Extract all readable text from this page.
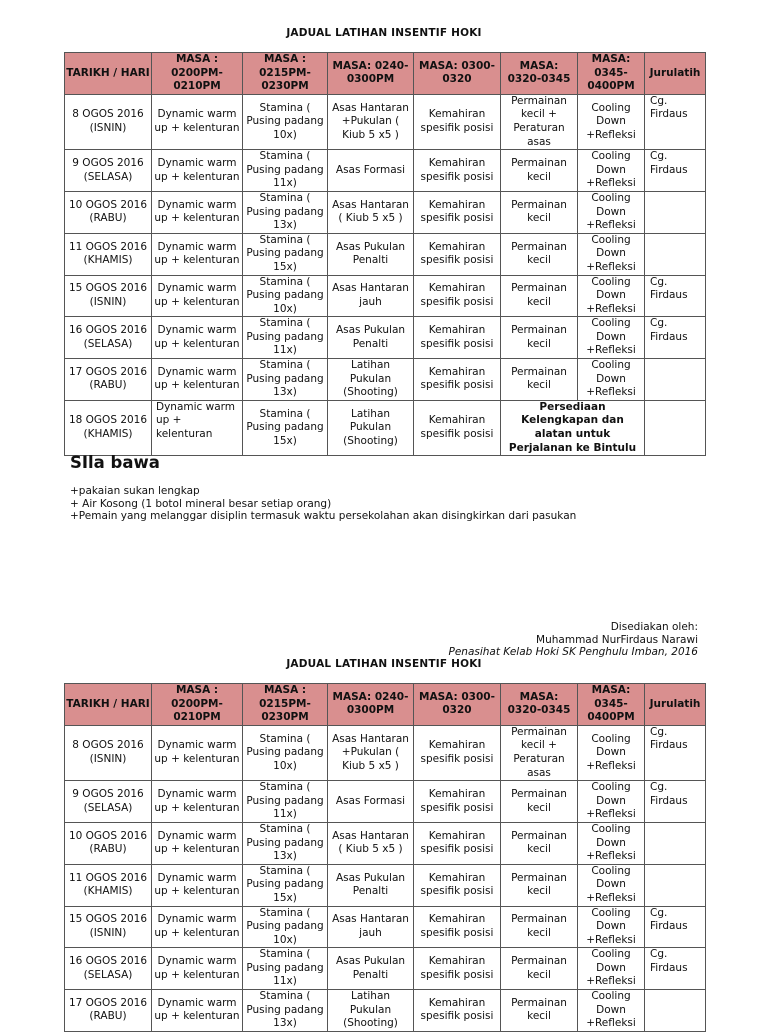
JADUAL LATIHAN INSENTIF HOKI
TARIKH / HARI	MASA : 0200PM-0210PM	MASA : 0215PM-0230PM	MASA: 0240-0300PM	MASA: 0300-0320	MASA: 0320-0345	MASA: 0345-0400PM	Jurulatih
8 OGOS 2016 (ISNIN)	Dynamic warm up + kelenturan	Stamina ( Pusing padang 10x)	Asas Hantaran +Pukulan ( Kiub 5 x5 )	Kemahiran spesifik posisi	Permainan kecil + Peraturan asas	Cooling Down +Refleksi	Cg. Firdaus
9 OGOS 2016 (SELASA)	Dynamic warm up + kelenturan	Stamina ( Pusing padang 11x)	Asas Formasi	Kemahiran spesifik posisi	Permainan kecil	Cooling Down +Refleksi	Cg. Firdaus
10 OGOS 2016 (RABU)	Dynamic warm up + kelenturan	Stamina ( Pusing padang 13x)	Asas Hantaran ( Kiub 5 x5 )	Kemahiran spesifik posisi	Permainan kecil	Cooling Down +Refleksi	
11 OGOS 2016 (KHAMIS)	Dynamic warm up + kelenturan	Stamina ( Pusing padang 15x)	Asas Pukulan Penalti	Kemahiran spesifik posisi	Permainan kecil	Cooling Down +Refleksi	
15 OGOS 2016 (ISNIN)	Dynamic warm up + kelenturan	Stamina ( Pusing padang 10x)	Asas Hantaran jauh	Kemahiran spesifik posisi	Permainan kecil	Cooling Down +Refleksi	Cg. Firdaus
16 OGOS 2016 (SELASA)	Dynamic warm up + kelenturan	Stamina ( Pusing padang 11x)	Asas Pukulan Penalti	Kemahiran spesifik posisi	Permainan kecil	Cooling Down +Refleksi	Cg. Firdaus
17 OGOS 2016 (RABU)	Dynamic warm up + kelenturan	Stamina ( Pusing padang 13x)	Latihan Pukulan (Shooting)	Kemahiran spesifik posisi	Permainan kecil	Cooling Down +Refleksi	
18 OGOS 2016 (KHAMIS)	Dynamic warm up + kelenturan	Stamina ( Pusing padang 15x)	Latihan Pukulan (Shooting)	Kemahiran spesifik posisi	Persediaan Kelengkapan dan alatan untuk Perjalanan ke Bintulu		
SIla bawa
+pakaian sukan lengkap
+ Air Kosong (1 botol mineral besar setiap orang)
+Pemain yang melanggar disiplin termasuk waktu persekolahan akan disingkirkan dari pasukan
Disediakan oleh:
Muhammad NurFirdaus Narawi
Penasihat Kelab Hoki SK Penghulu Imban, 2016
JADUAL LATIHAN INSENTIF HOKI
TARIKH / HARI	MASA : 0200PM-0210PM	MASA : 0215PM-0230PM	MASA: 0240-0300PM	MASA: 0300-0320	MASA: 0320-0345	MASA: 0345-0400PM	Jurulatih
8 OGOS 2016 (ISNIN)	Dynamic warm up + kelenturan	Stamina ( Pusing padang 10x)	Asas Hantaran +Pukulan ( Kiub 5 x5 )	Kemahiran spesifik posisi	Permainan kecil + Peraturan asas	Cooling Down +Refleksi	Cg. Firdaus
9 OGOS 2016 (SELASA)	Dynamic warm up + kelenturan	Stamina ( Pusing padang 11x)	Asas Formasi	Kemahiran spesifik posisi	Permainan kecil	Cooling Down +Refleksi	Cg. Firdaus
10 OGOS 2016 (RABU)	Dynamic warm up + kelenturan	Stamina ( Pusing padang 13x)	Asas Hantaran ( Kiub 5 x5 )	Kemahiran spesifik posisi	Permainan kecil	Cooling Down +Refleksi	
11 OGOS 2016 (KHAMIS)	Dynamic warm up + kelenturan	Stamina ( Pusing padang 15x)	Asas Pukulan Penalti	Kemahiran spesifik posisi	Permainan kecil	Cooling Down +Refleksi	
15 OGOS 2016 (ISNIN)	Dynamic warm up + kelenturan	Stamina ( Pusing padang 10x)	Asas Hantaran jauh	Kemahiran spesifik posisi	Permainan kecil	Cooling Down +Refleksi	Cg. Firdaus
16 OGOS 2016 (SELASA)	Dynamic warm up + kelenturan	Stamina ( Pusing padang 11x)	Asas Pukulan Penalti	Kemahiran spesifik posisi	Permainan kecil	Cooling Down +Refleksi	Cg. Firdaus
17 OGOS 2016 (RABU)	Dynamic warm up + kelenturan	Stamina ( Pusing padang 13x)	Latihan Pukulan (Shooting)	Kemahiran spesifik posisi	Permainan kecil	Cooling Down +Refleksi	
